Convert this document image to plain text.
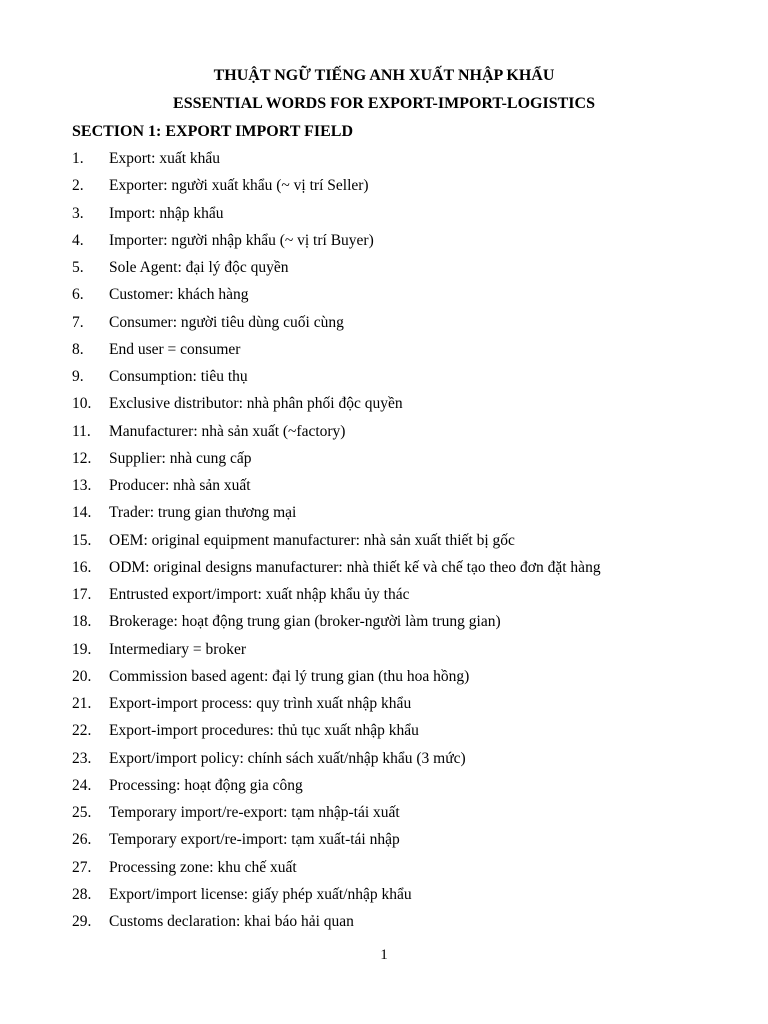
THUẬT NGỮ TIẾNG ANH XUẤT NHẬP KHẨU
ESSENTIAL WORDS FOR EXPORT-IMPORT-LOGISTICS
SECTION 1: EXPORT IMPORT FIELD
1. Export: xuất khẩu
2. Exporter: người xuất khẩu (~ vị trí Seller)
3. Import: nhập khẩu
4. Importer: người nhập khẩu (~ vị trí Buyer)
5. Sole Agent: đại lý độc quyền
6. Customer: khách hàng
7. Consumer: người tiêu dùng cuối cùng
8. End user = consumer
9. Consumption: tiêu thụ
10. Exclusive distributor: nhà phân phối độc quyền
11. Manufacturer: nhà sản xuất (~factory)
12. Supplier: nhà cung cấp
13. Producer: nhà sản xuất
14. Trader: trung gian thương mại
15. OEM: original equipment manufacturer: nhà sản xuất thiết bị gốc
16. ODM: original designs manufacturer: nhà thiết kế và chế tạo theo đơn đặt hàng
17. Entrusted export/import: xuất nhập khẩu ủy thác
18. Brokerage: hoạt động trung gian (broker-người làm trung gian)
19. Intermediary = broker
20. Commission based agent: đại lý trung gian (thu hoa hồng)
21. Export-import process: quy trình xuất nhập khẩu
22. Export-import procedures: thủ tục xuất nhập khẩu
23. Export/import policy: chính sách xuất/nhập khẩu (3 mức)
24. Processing: hoạt động gia công
25. Temporary import/re-export: tạm nhập-tái xuất
26. Temporary export/re-import: tạm xuất-tái nhập
27. Processing zone: khu chế xuất
28. Export/import license: giấy phép xuất/nhập khẩu
29. Customs declaration: khai báo hải quan
1
